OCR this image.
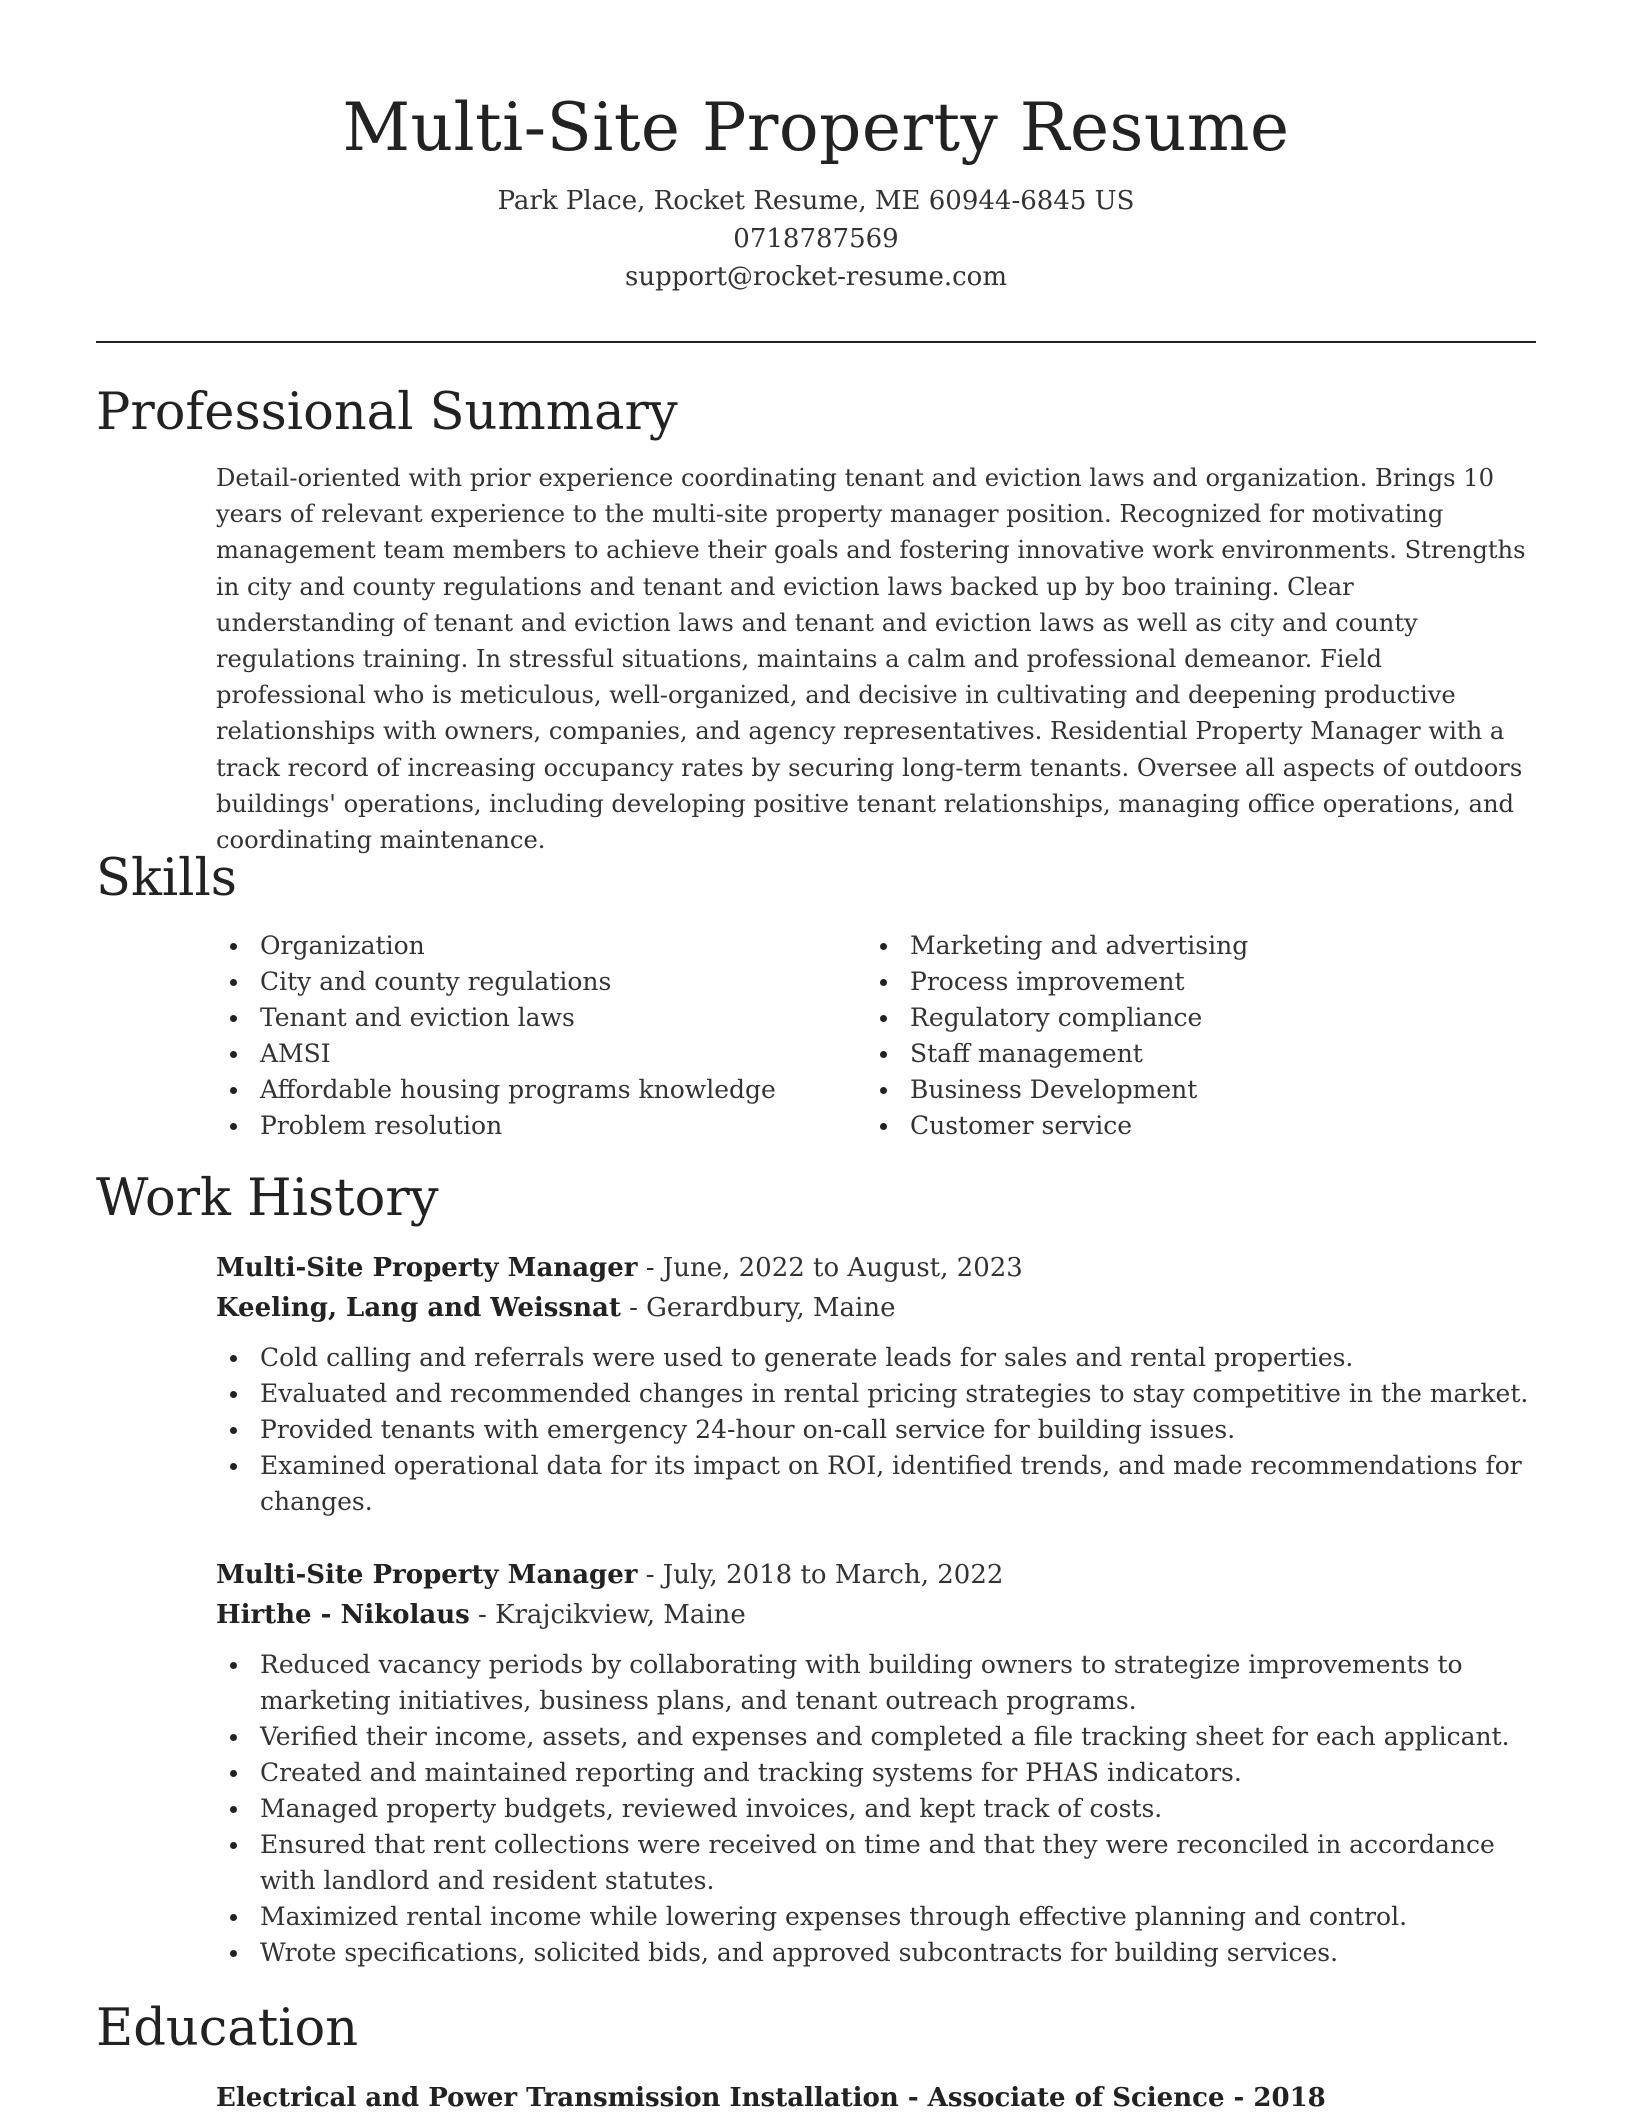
Multi-Site Property Resume
Park Place, Rocket Resume, ME 60944-6845 US
0718787569
support@rocket-resume.com
Professional Summary

Detail-oriented with prior experience coordinating tenant and eviction laws and organization. Brings 10 years of relevant experience to the multi-site property manager position. Recognized for motivating management team members to achieve their goals and fostering innovative work environments. Strengths in city and county regulations and tenant and eviction laws backed up by boo training. Clear understanding of tenant and eviction laws and tenant and eviction laws as well as city and county regulations training. In stressful situations, maintains a calm and professional demeanor. Field professional who is meticulous, well-organized, and decisive in cultivating and deepening productive relationships with owners, companies, and agency representatives. Residential Property Manager with a track record of increasing occupancy rates by securing long-term tenants. Oversee all aspects of outdoors buildings' operations, including developing positive tenant relationships, managing office operations, and coordinating maintenance.

Skills
Organization
City and county regulations
Tenant and eviction laws
AMSI
Affordable housing programs knowledge
Problem resolution
Marketing and advertising
Process improvement
Regulatory compliance
Staff management
Business Development
Customer service
Work History
Multi-Site Property Manager - June, 2022 to August, 2023
Keeling, Lang and Weissnat - Gerardbury, Maine
Cold calling and referrals were used to generate leads for sales and rental properties.
Evaluated and recommended changes in rental pricing strategies to stay competitive in the market.
Provided tenants with emergency 24-hour on-call service for building issues.
Examined operational data for its impact on ROI, identified trends, and made recommendations for changes.
Multi-Site Property Manager - July, 2018 to March, 2022
Hirthe - Nikolaus - Krajcikview, Maine
Reduced vacancy periods by collaborating with building owners to strategize improvements to marketing initiatives, business plans, and tenant outreach programs.
Verified their income, assets, and expenses and completed a file tracking sheet for each applicant.
Created and maintained reporting and tracking systems for PHAS indicators.
Managed property budgets, reviewed invoices, and kept track of costs.
Ensured that rent collections were received on time and that they were reconciled in accordance with landlord and resident statutes.
Maximized rental income while lowering expenses through effective planning and control.
Wrote specifications, solicited bids, and approved subcontracts for building services.
Education
Electrical and Power Transmission Installation - Associate of Science - 2018
